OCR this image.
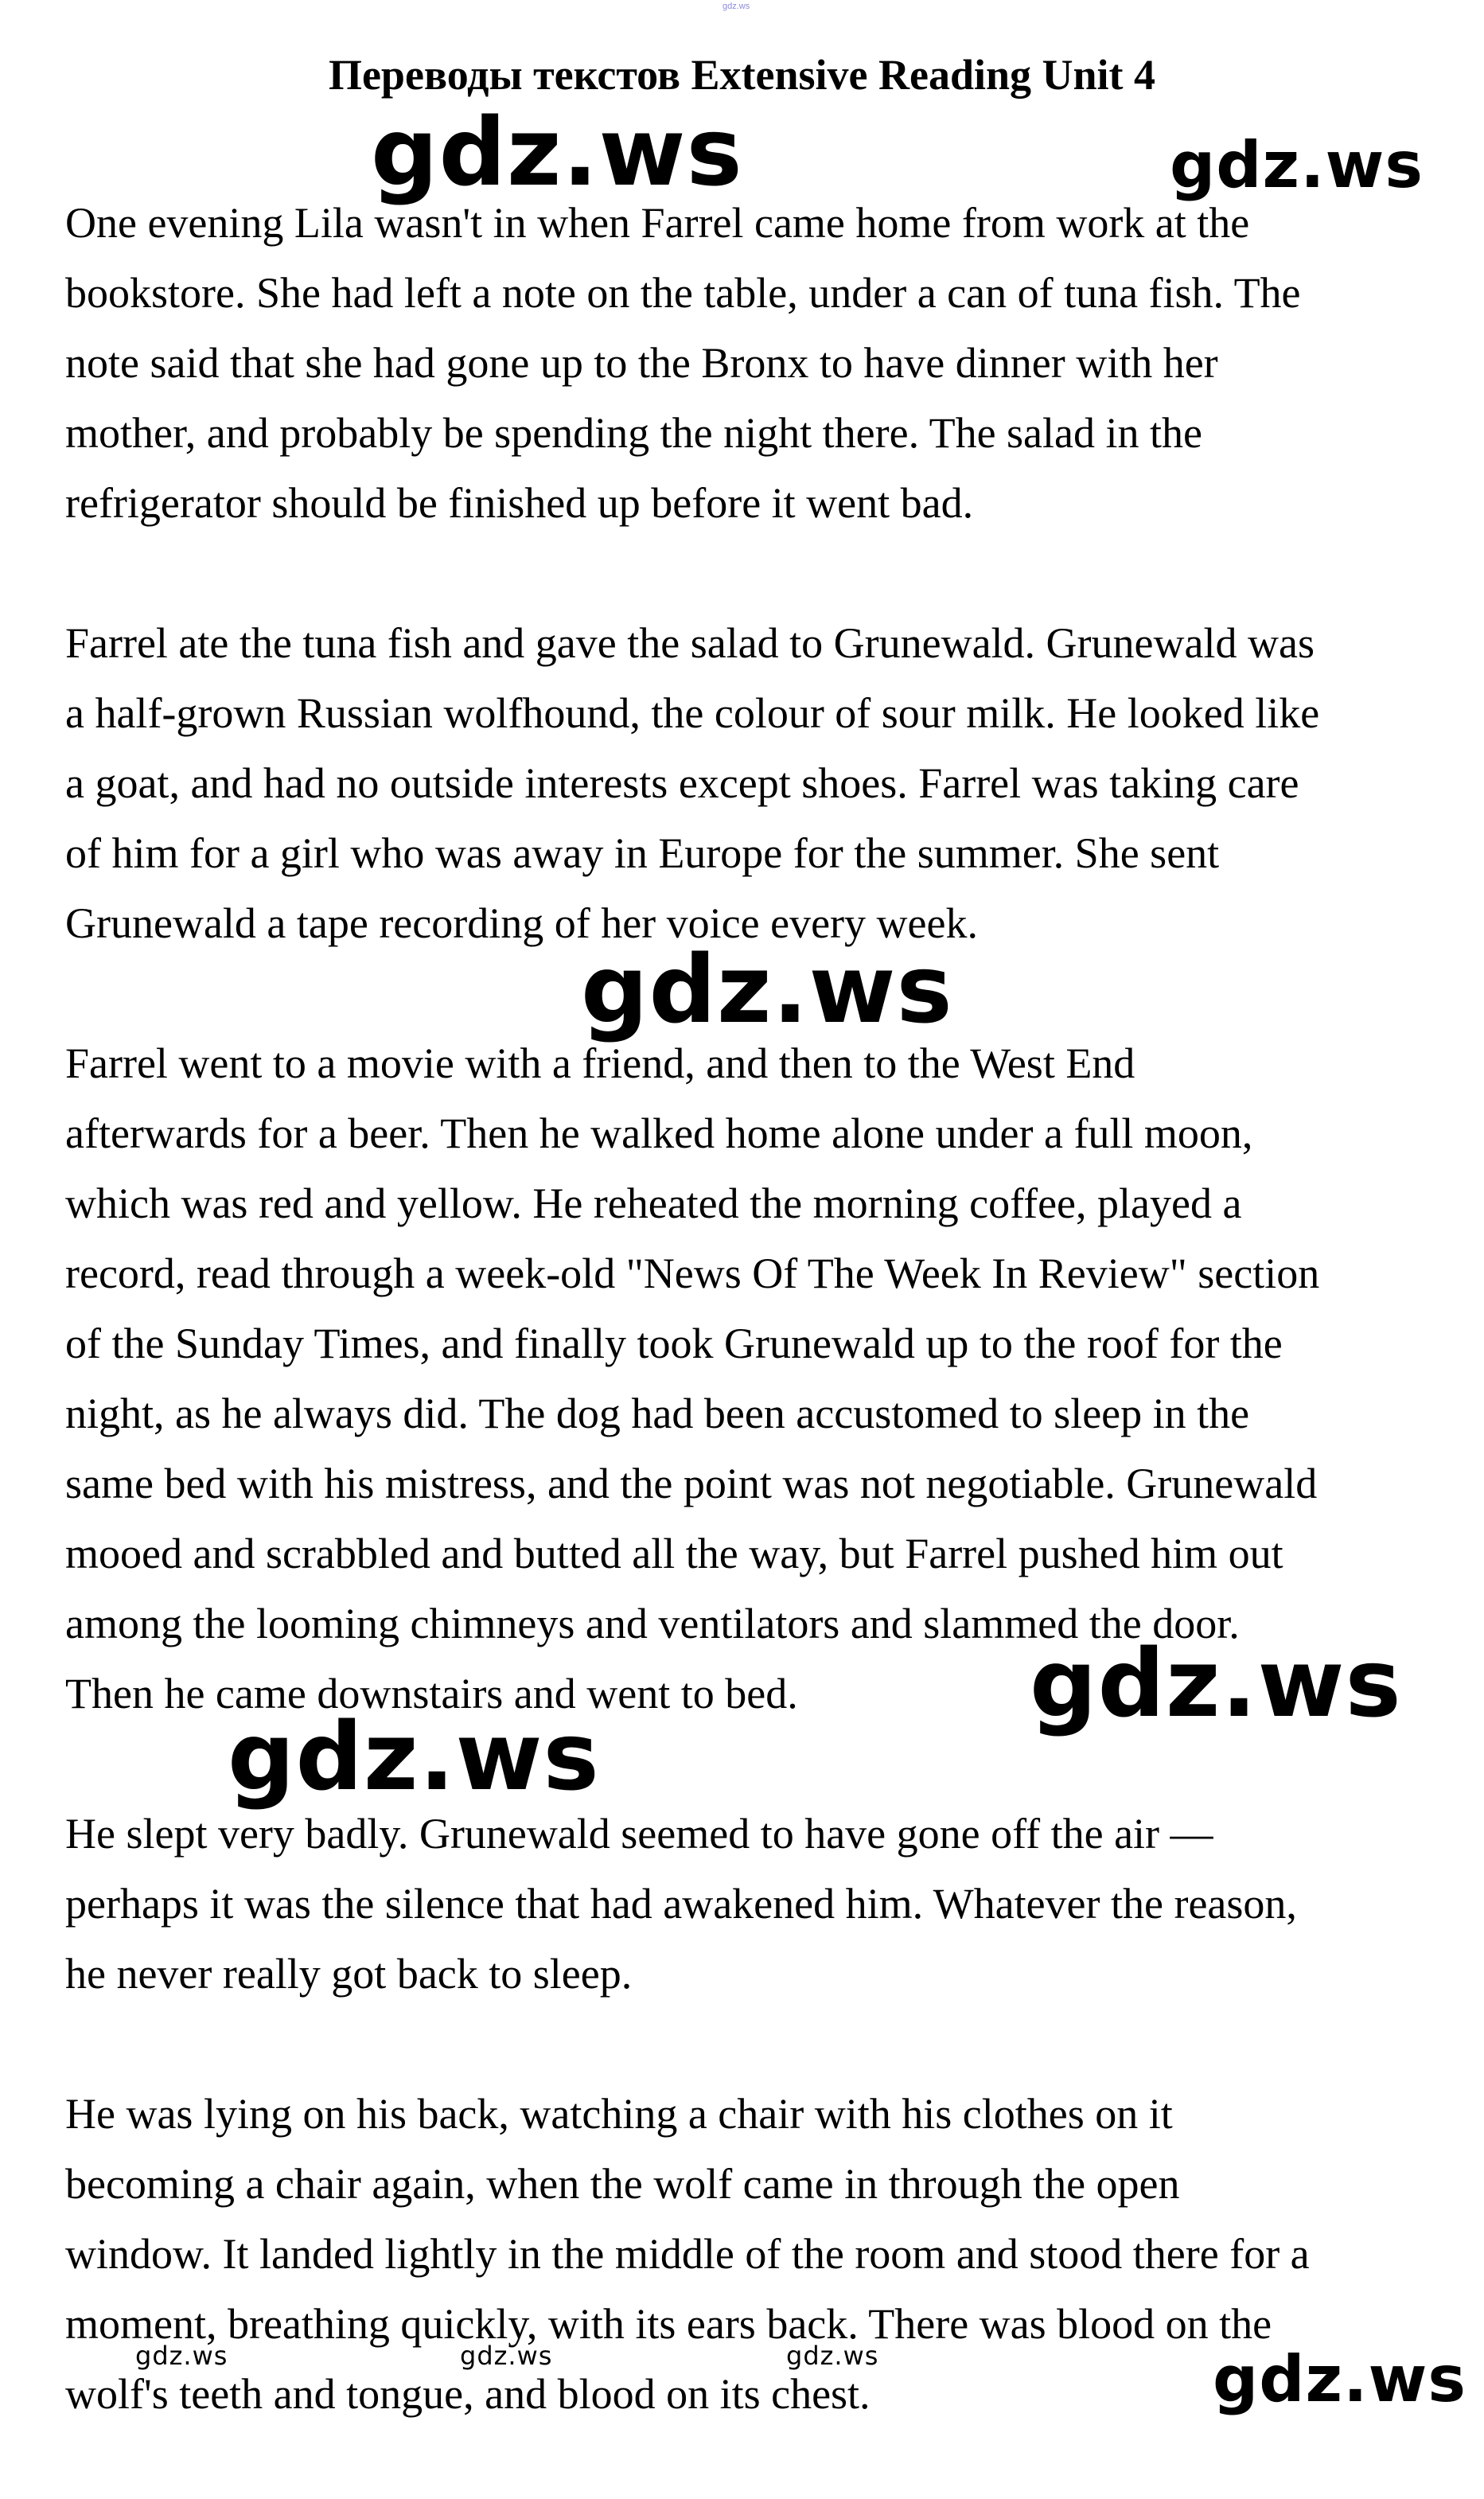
gdz.ws
Переводы текстов Extensive Reading Unit 4

One evening Lila wasn't in when Farrel came home from work at the
bookstore. She had left a note on the table, under a can of tuna fish. The
note said that she had gone up to the Bronx to have dinner with her
mother, and probably be spending the night there. The salad in the
refrigerator should be finished up before it went bad.

Farrel ate the tuna fish and gave the salad to Grunewald. Grunewald was
a half-grown Russian wolfhound, the colour of sour milk. He looked like
a goat, and had no outside interests except shoes. Farrel was taking care
of him for a girl who was away in Europe for the summer. She sent
Grunewald a tape recording of her voice every week.

Farrel went to a movie with a friend, and then to the West End
afterwards for a beer. Then he walked home alone under a full moon,
which was red and yellow. He reheated the morning coffee, played a
record, read through a week-old "News Of The Week In Review" section
of the Sunday Times, and finally took Grunewald up to the roof for the
night, as he always did. The dog had been accustomed to sleep in the
same bed with his mistress, and the point was not negotiable. Grunewald
mooed and scrabbled and butted all the way, but Farrel pushed him out
among the looming chimneys and ventilators and slammed the door.
Then he came downstairs and went to bed.

He slept very badly. Grunewald seemed to have gone off the air —
perhaps it was the silence that had awakened him. Whatever the reason,
he never really got back to sleep.

He was lying on his back, watching a chair with his clothes on it
becoming a chair again, when the wolf came in through the open
window. It landed lightly in the middle of the room and stood there for a
moment, breathing quickly, with its ears back. There was blood on the
wolf's teeth and tongue, and blood on its chest.

gdz.ws	gdz.ws
gdz.ws
gdz.ws
gdz.ws
gdz.ws	gdz.ws	gdz.ws	gdz.ws
